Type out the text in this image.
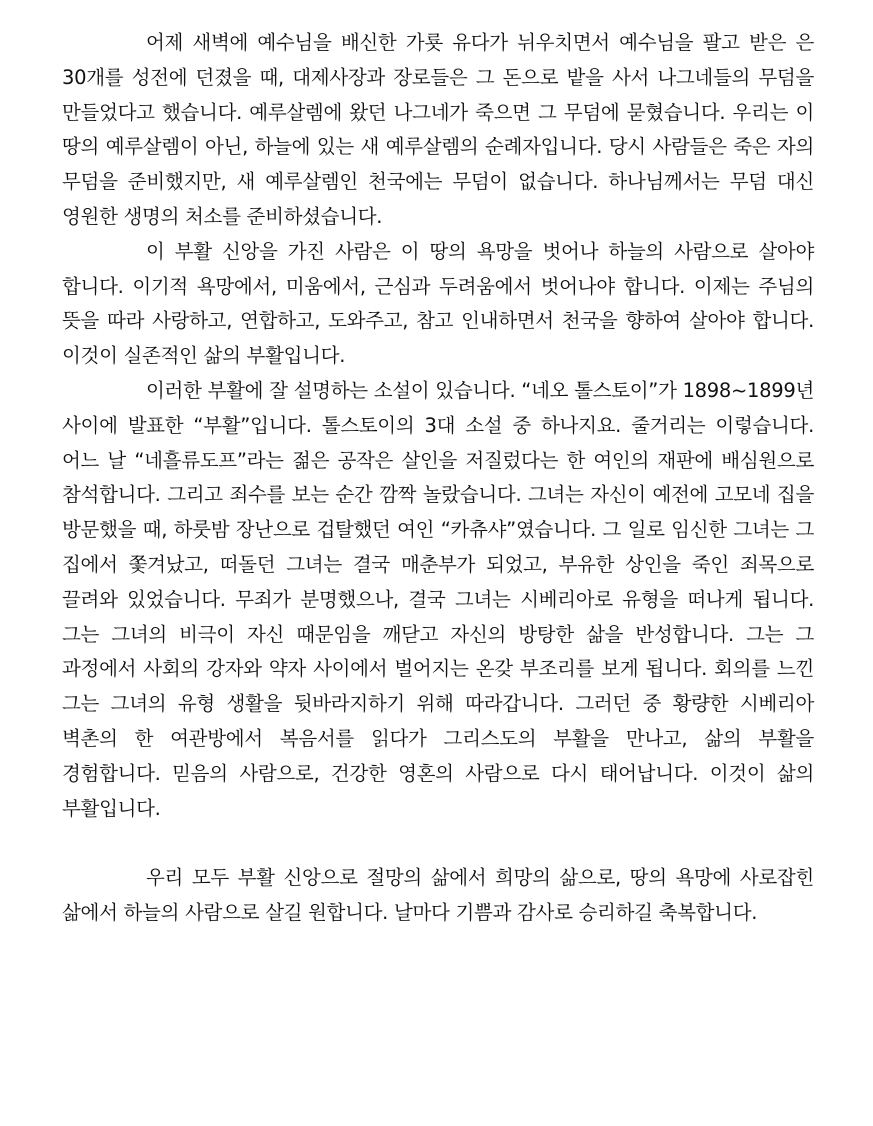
어제 새벽에 예수님을 배신한 가룟 유다가 뉘우치면서 예수님을 팔고 받은 은 30개를 성전에 던졌을 때, 대제사장과 장로들은 그 돈으로 밭을 사서 나그네들의 무덤을 만들었다고 했습니다. 예루살렘에 왔던 나그네가 죽으면 그 무덤에 묻혔습니다. 우리는 이 땅의 예루살렘이 아닌, 하늘에 있는 새 예루살렘의 순례자입니다. 당시 사람들은 죽은 자의 무덤을 준비했지만, 새 예루살렘인 천국에는 무덤이 없습니다. 하나님께서는 무덤 대신 영원한 생명의 처소를 준비하셨습니다.

이 부활 신앙을 가진 사람은 이 땅의 욕망을 벗어나 하늘의 사람으로 살아야 합니다. 이기적 욕망에서, 미움에서, 근심과 두려움에서 벗어나야 합니다. 이제는 주님의 뜻을 따라 사랑하고, 연합하고, 도와주고, 참고 인내하면서 천국을 향하여 살아야 합니다. 이것이 실존적인 삶의 부활입니다.

이러한 부활에 잘 설명하는 소설이 있습니다. “네오 톨스토이”가 1898~1899년 사이에 발표한 “부활”입니다. 톨스토이의 3대 소설 중 하나지요. 줄거리는 이렇습니다. 어느 날 “네흘류도프”라는 젊은 공작은 살인을 저질렀다는 한 여인의 재판에 배심원으로 참석합니다. 그리고 죄수를 보는 순간 깜짝 놀랐습니다. 그녀는 자신이 예전에 고모네 집을 방문했을 때, 하룻밤 장난으로 겁탈했던 여인 “카츄샤”였습니다. 그 일로 임신한 그녀는 그 집에서 쫓겨났고, 떠돌던 그녀는 결국 매춘부가 되었고, 부유한 상인을 죽인 죄목으로 끌려와 있었습니다. 무죄가 분명했으나, 결국 그녀는 시베리아로 유형을 떠나게 됩니다. 그는 그녀의 비극이 자신 때문임을 깨닫고 자신의 방탕한 삶을 반성합니다. 그는 그 과정에서 사회의 강자와 약자 사이에서 벌어지는 온갖 부조리를 보게 됩니다. 회의를 느낀 그는 그녀의 유형 생활을 뒷바라지하기 위해 따라갑니다. 그러던 중 황량한 시베리아 벽촌의 한 여관방에서 복음서를 읽다가 그리스도의 부활을 만나고, 삶의 부활을 경험합니다. 믿음의 사람으로, 건강한 영혼의 사람으로 다시 태어납니다. 이것이 삶의 부활입니다.

우리 모두 부활 신앙으로 절망의 삶에서 희망의 삶으로, 땅의 욕망에 사로잡힌 삶에서 하늘의 사람으로 살길 원합니다. 날마다 기쁨과 감사로 승리하길 축복합니다.
